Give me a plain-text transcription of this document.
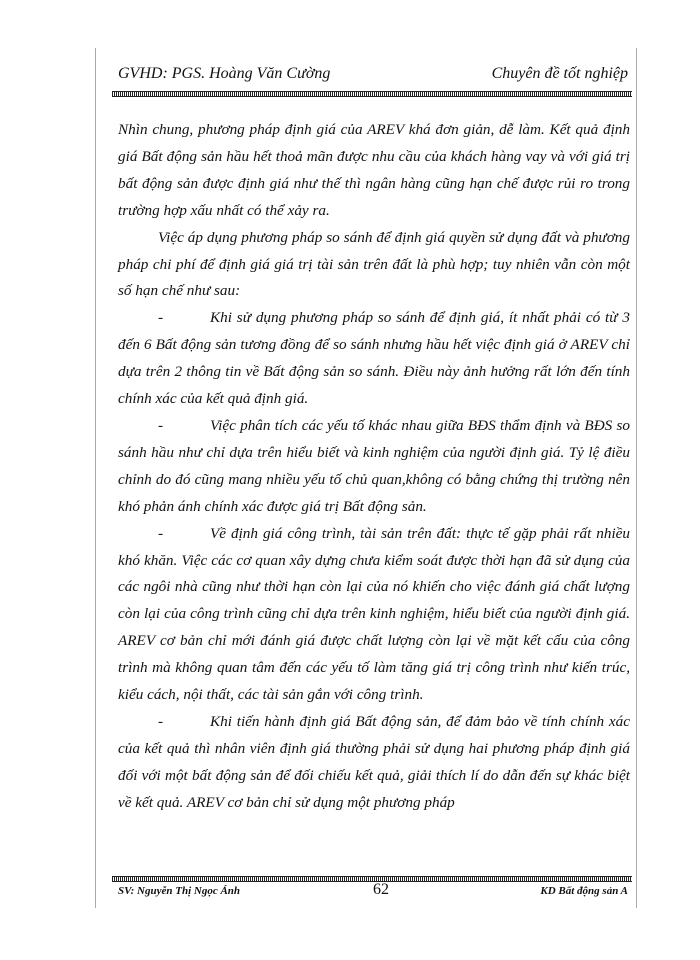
GVHD: PGS. Hoàng Văn Cường	Chuyên đề tốt nghiệp

Nhìn chung, phương pháp định giá của AREV khá đơn giản, dễ làm. Kết quả định giá Bất động sản hầu hết thoả mãn được nhu cầu của khách hàng vay và với giá trị bất động sản được định giá như thế thì ngân hàng cũng hạn chế được rủi ro trong trường hợp xấu nhất có thể xảy ra.

Việc áp dụng phương pháp so sánh để định giá quyền sử dụng đất và phương pháp chi phí để định giá giá trị tài sản trên đất là phù hợp; tuy nhiên vẫn còn một số hạn chế như sau:

-	Khi sử dụng phương pháp so sánh để định giá, ít nhất phải có từ 3 đến 6 Bất động sản tương đồng để so sánh nhưng hầu hết việc định giá ở AREV chỉ dựa trên 2 thông tin về Bất động sản so sánh. Điều này ảnh hưởng rất lớn đến tính chính xác của kết quả định giá.

-	Việc phân tích các yếu tố khác nhau giữa BĐS thẩm định và BĐS so sánh hầu như chỉ dựa trên hiểu biết và kinh nghiệm của người định giá. Tỷ lệ điều chỉnh do đó cũng mang nhiều yếu tố chủ quan,không có bằng chứng thị trường nên khó phản ánh chính xác được giá trị Bất động sản.

-	Về định giá công trình, tài sản trên đất: thực tế gặp phải rất nhiều khó khăn. Việc các cơ quan xây dựng chưa kiểm soát được thời hạn đã sử dụng của các ngôi nhà cũng như thời hạn còn lại của nó khiến cho việc đánh giá chất lượng còn lại của công trình cũng chỉ dựa trên kinh nghiệm, hiểu biết của người định giá. AREV cơ bản chỉ mới đánh giá được chất lượng còn lại về mặt kết cấu của công trình mà không quan tâm đến các yếu tố làm tăng giá trị công trình như kiến trúc, kiểu cách, nội thất, các tài sản gắn với công trình.

-	Khi tiến hành định giá Bất động sản, để đảm bảo về tính chính xác của kết quả thì nhân viên định giá thường phải sử dụng hai phương pháp định giá đối với một bất động sản để đối chiếu kết quả, giải thích lí do dẫn đến sự khác biệt về kết quả. AREV cơ bản chỉ sử dụng một phương pháp

SV: Nguyễn Thị Ngọc Ánh	62	KD Bất động sản A
